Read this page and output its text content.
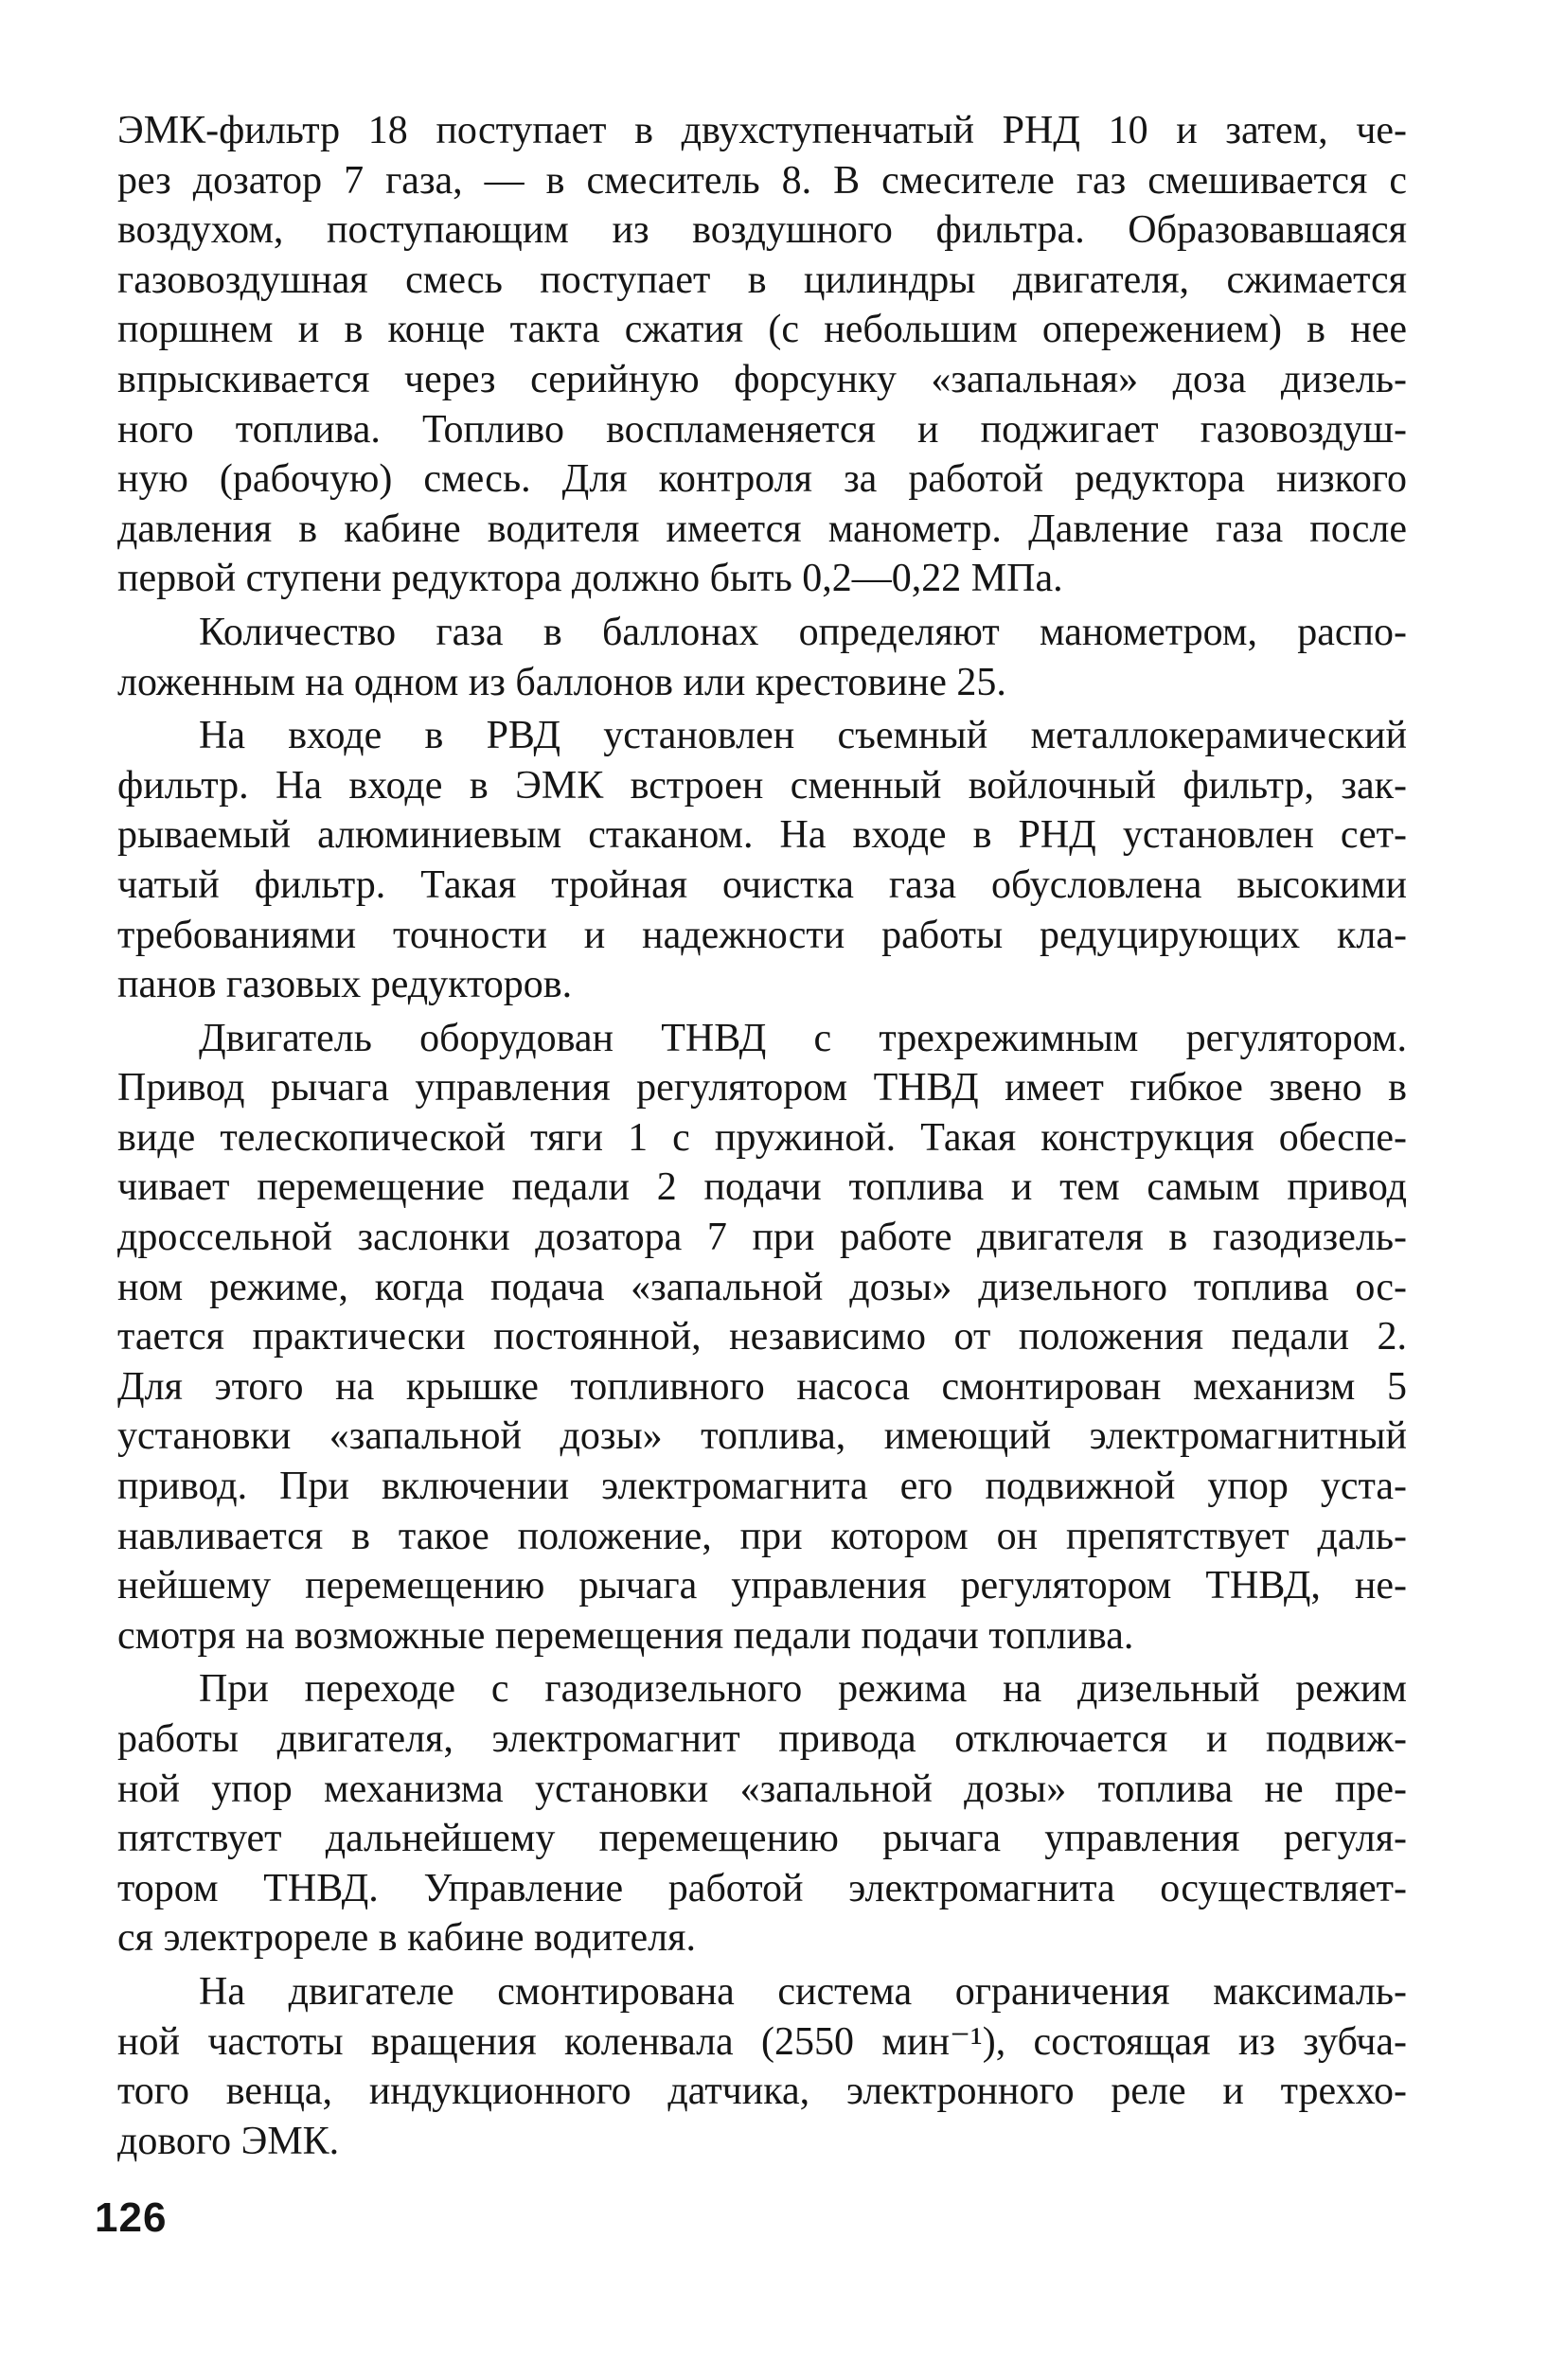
ЭМК-фильтр 18 поступает в двухступенчатый РНД 10 и затем, че-
рез дозатор 7 газа, — в смеситель 8. В смесителе газ смешивается с
воздухом, поступающим из воздушного фильтра. Образовавшаяся
газовоздушная смесь поступает в цилиндры двигателя, сжимается
поршнем и в конце такта сжатия (с небольшим опережением) в нее
впрыскивается через серийную форсунку «запальная» доза дизель-
ного топлива. Топливо воспламеняется и поджигает газовоздуш-
ную (рабочую) смесь. Для контроля за работой редуктора низкого
давления в кабине водителя имеется манометр. Давление газа после
первой ступени редуктора должно быть 0,2—0,22 МПа.

Количество газа в баллонах определяют манометром, распо-
ложенным на одном из баллонов или крестовине 25.

На входе в РВД установлен съемный металлокерамический
фильтр. На входе в ЭМК встроен сменный войлочный фильтр, зак-
рываемый алюминиевым стаканом. На входе в РНД установлен сет-
чатый фильтр. Такая тройная очистка газа обусловлена высокими
требованиями точности и надежности работы редуцирующих кла-
панов газовых редукторов.

Двигатель оборудован ТНВД с трехрежимным регулятором.
Привод рычага управления регулятором ТНВД имеет гибкое звено в
виде телескопической тяги 1 с пружиной. Такая конструкция обеспе-
чивает перемещение педали 2 подачи топлива и тем самым привод
дроссельной заслонки дозатора 7 при работе двигателя в газодизель-
ном режиме, когда подача «запальной дозы» дизельного топлива ос-
тается практически постоянной, независимо от положения педали 2.
Для этого на крышке топливного насоса смонтирован механизм 5
установки «запальной дозы» топлива, имеющий электромагнитный
привод. При включении электромагнита его подвижной упор уста-
навливается в такое положение, при котором он препятствует даль-
нейшему перемещению рычага управления регулятором ТНВД, не-
смотря на возможные перемещения педали подачи топлива.

При переходе с газодизельного режима на дизельный режим
работы двигателя, электромагнит привода отключается и подвиж-
ной упор механизма установки «запальной дозы» топлива не пре-
пятствует дальнейшему перемещению рычага управления регуля-
тором ТНВД. Управление работой электромагнита осуществляет-
ся электрореле в кабине водителя.

На двигателе смонтирована система ограничения максималь-
ной частоты вращения коленвала (2550 мин⁻¹), состоящая из зубча-
того венца, индукционного датчика, электронного реле и треххо-
дового ЭМК.

126
